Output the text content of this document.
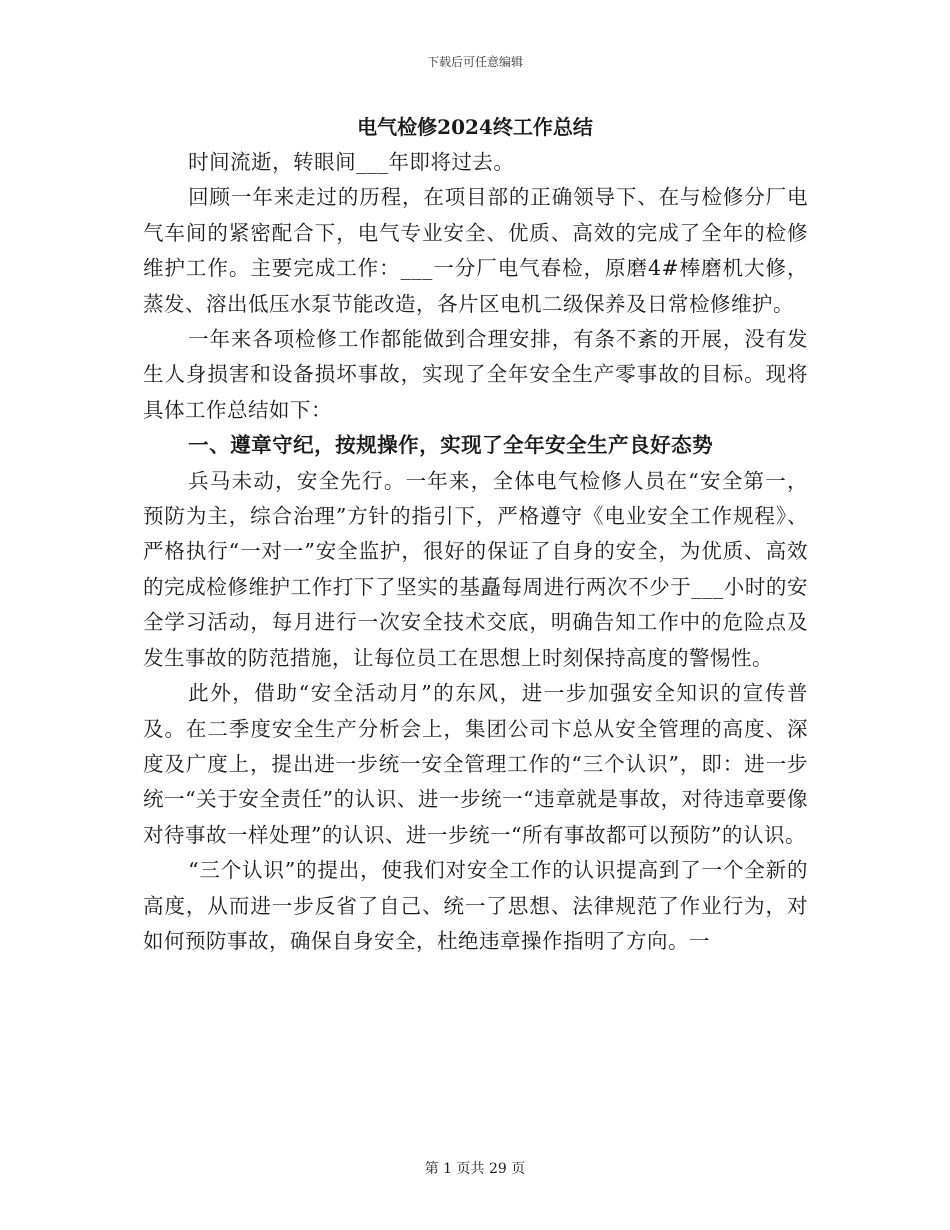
下载后可任意编辑
电气检修2024终工作总结

时间流逝，转眼间___年即将过去。

回顾一年来走过的历程，在项目部的正确领导下、在与检修分厂电气车间的紧密配合下，电气专业安全、优质、高效的完成了全年的检修维护工作。主要完成工作：___一分厂电气春检，原磨4#棒磨机大修，蒸发、溶出低压水泵节能改造，各片区电机二级保养及日常检修维护。

一年来各项检修工作都能做到合理安排，有条不紊的开展，没有发生人身损害和设备损坏事故，实现了全年安全生产零事故的目标。现将具体工作总结如下：

一、遵章守纪，按规操作，实现了全年安全生产良好态势

兵马未动，安全先行。一年来，全体电气检修人员在“安全第一，预防为主，综合治理”方针的指引下，严格遵守《电业安全工作规程》、严格执行“一对一”安全监护，很好的保证了自身的安全，为优质、高效的完成检修维护工作打下了坚实的基矗每周进行两次不少于___小时的安全学习活动，每月进行一次安全技术交底，明确告知工作中的危险点及发生事故的防范措施，让每位员工在思想上时刻保持高度的警惕性。

此外，借助“安全活动月”的东风，进一步加强安全知识的宣传普及。在二季度安全生产分析会上，集团公司卞总从安全管理的高度、深度及广度上，提出进一步统一安全管理工作的“三个认识”，即：进一步统一“关于安全责任”的认识、进一步统一“违章就是事故，对待违章要像对待事故一样处理”的认识、进一步统一“所有事故都可以预防”的认识。

“三个认识”的提出，使我们对安全工作的认识提高到了一个全新的高度，从而进一步反省了自己、统一了思想、法律规范了作业行为，对如何预防事故，确保自身安全，杜绝违章操作指明了方向。一

第 1 页共 29 页
